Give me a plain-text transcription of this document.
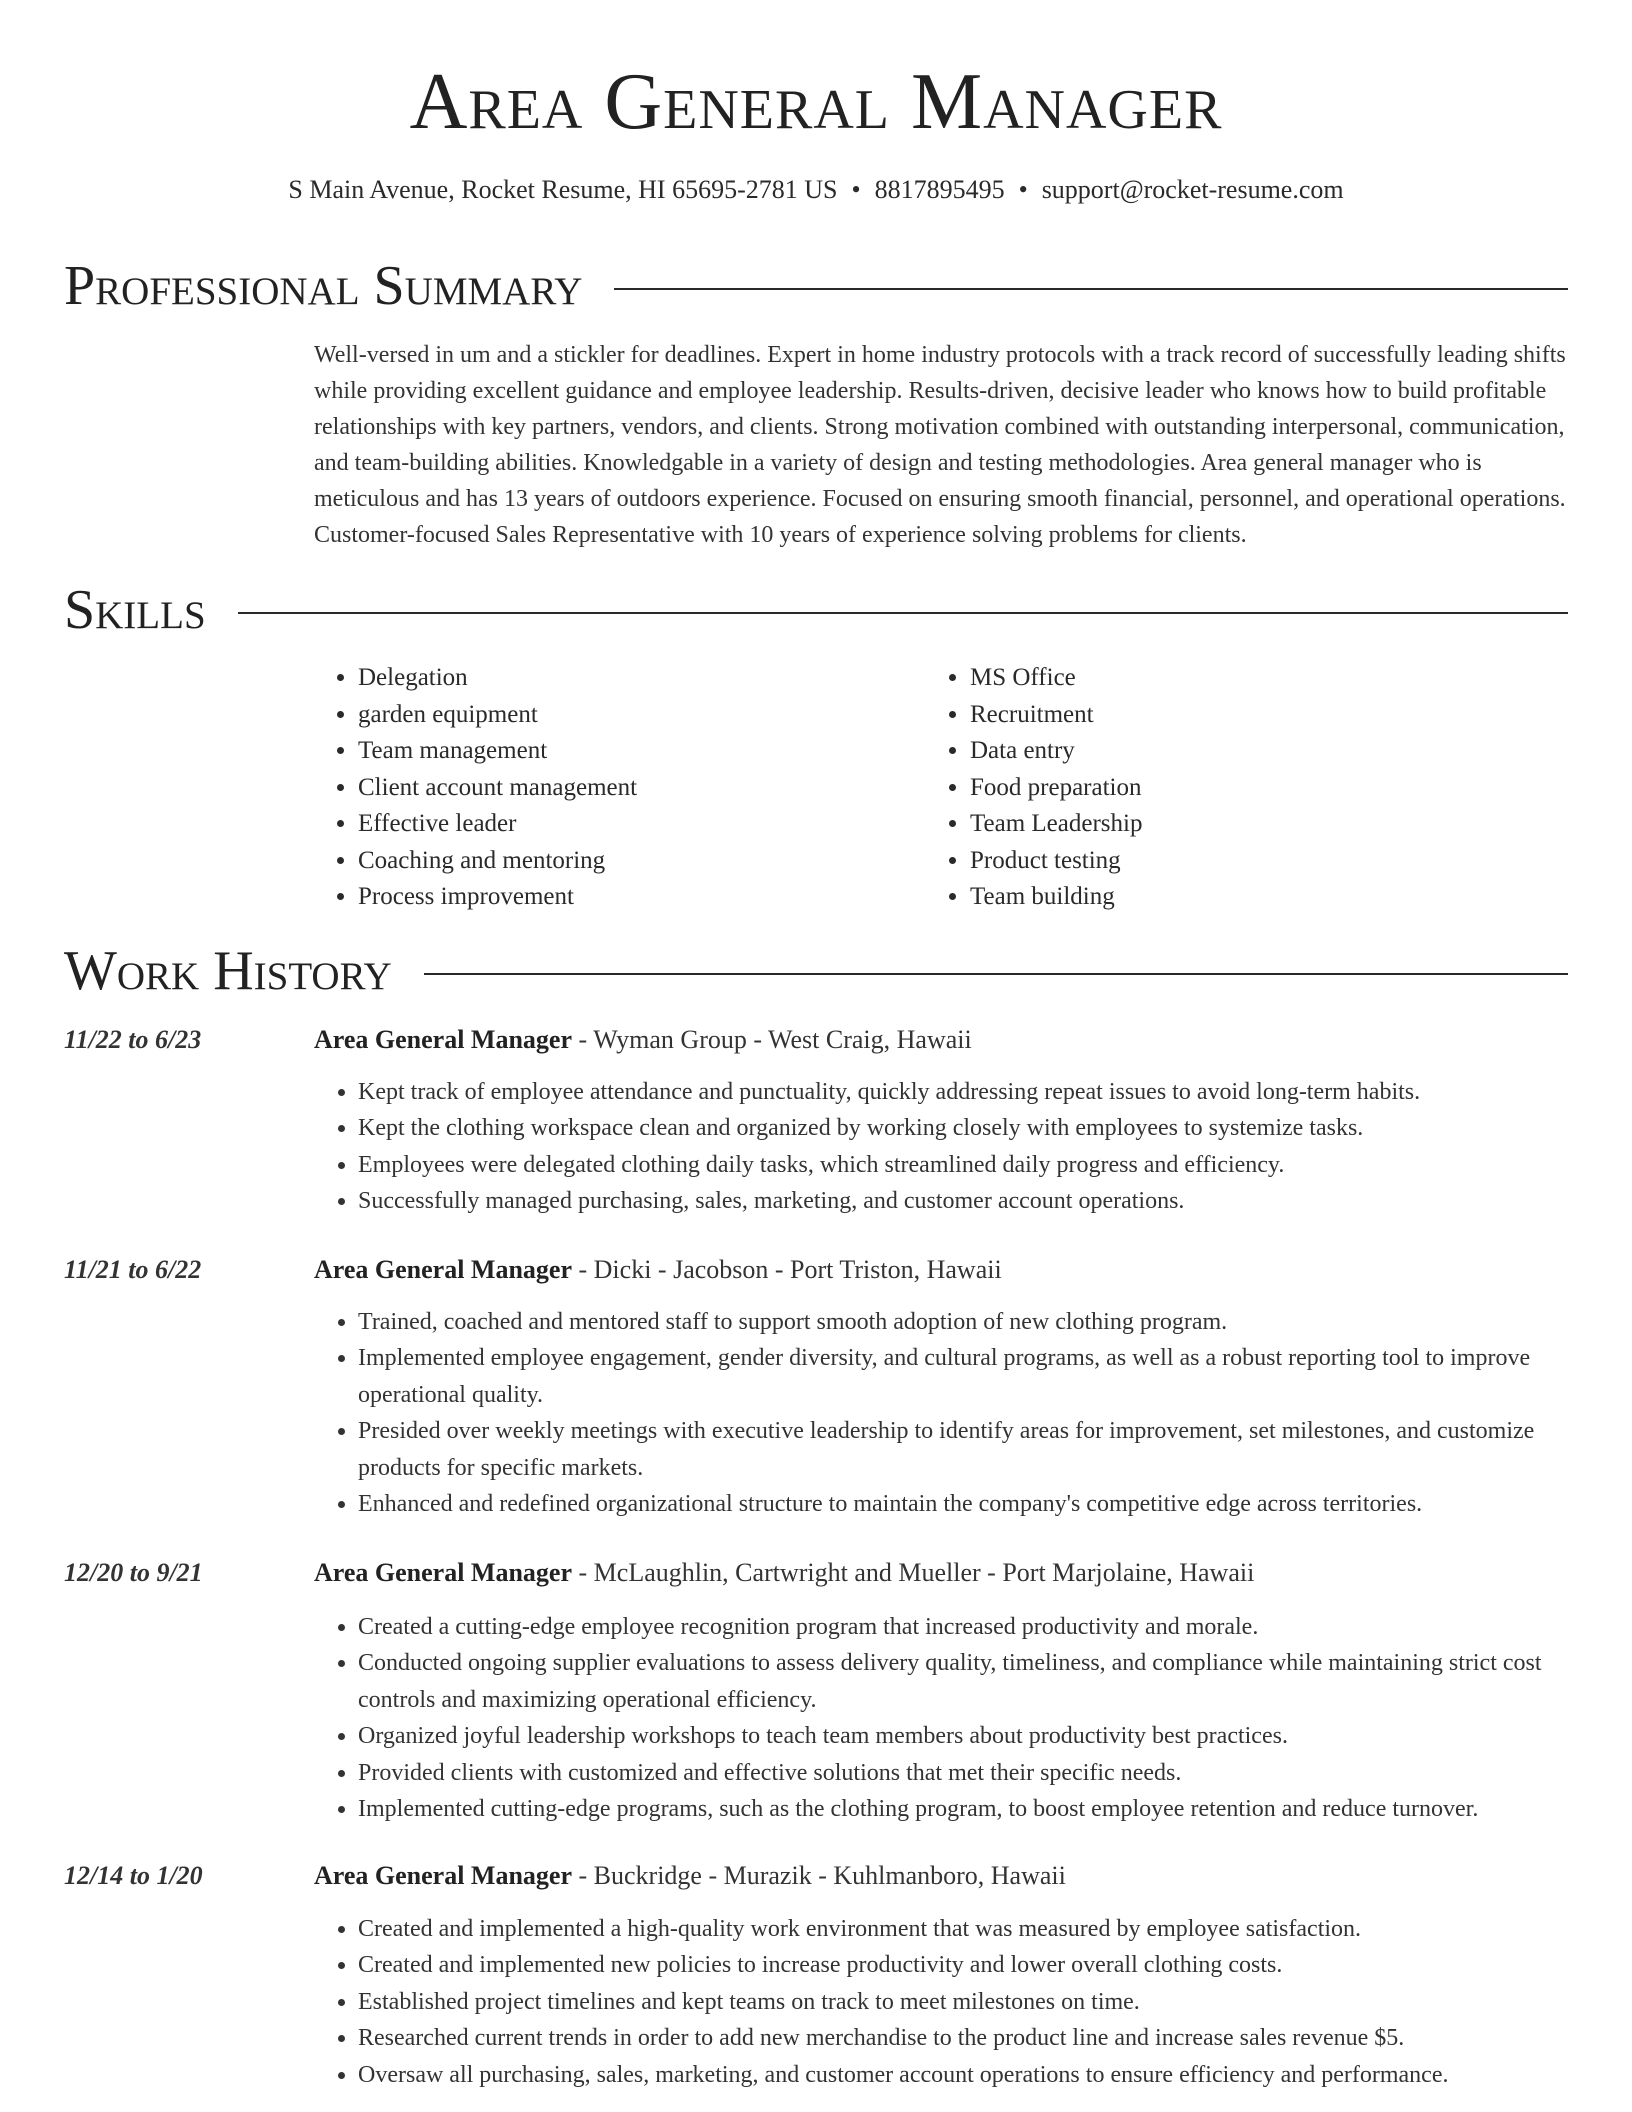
Area General Manager
S Main Avenue, Rocket Resume, HI 65695-2781 US • 8817895495 • support@rocket-resume.com
Professional Summary
Well-versed in um and a stickler for deadlines. Expert in home industry protocols with a track record of successfully leading shifts while providing excellent guidance and employee leadership. Results-driven, decisive leader who knows how to build profitable relationships with key partners, vendors, and clients. Strong motivation combined with outstanding interpersonal, communication, and team-building abilities. Knowledgable in a variety of design and testing methodologies. Area general manager who is meticulous and has 13 years of outdoors experience. Focused on ensuring smooth financial, personnel, and operational operations. Customer-focused Sales Representative with 10 years of experience solving problems for clients.
Skills
• Delegation
• garden equipment
• Team management
• Client account management
• Effective leader
• Coaching and mentoring
• Process improvement
• MS Office
• Recruitment
• Data entry
• Food preparation
• Team Leadership
• Product testing
• Team building
Work History
11/22 to 6/23	Area General Manager - Wyman Group - West Craig, Hawaii
• Kept track of employee attendance and punctuality, quickly addressing repeat issues to avoid long-term habits.
• Kept the clothing workspace clean and organized by working closely with employees to systemize tasks.
• Employees were delegated clothing daily tasks, which streamlined daily progress and efficiency.
• Successfully managed purchasing, sales, marketing, and customer account operations.
11/21 to 6/22	Area General Manager - Dicki - Jacobson - Port Triston, Hawaii
• Trained, coached and mentored staff to support smooth adoption of new clothing program.
• Implemented employee engagement, gender diversity, and cultural programs, as well as a robust reporting tool to improve operational quality.
• Presided over weekly meetings with executive leadership to identify areas for improvement, set milestones, and customize products for specific markets.
• Enhanced and redefined organizational structure to maintain the company's competitive edge across territories.
12/20 to 9/21	Area General Manager - McLaughlin, Cartwright and Mueller - Port Marjolaine, Hawaii
• Created a cutting-edge employee recognition program that increased productivity and morale.
• Conducted ongoing supplier evaluations to assess delivery quality, timeliness, and compliance while maintaining strict cost controls and maximizing operational efficiency.
• Organized joyful leadership workshops to teach team members about productivity best practices.
• Provided clients with customized and effective solutions that met their specific needs.
• Implemented cutting-edge programs, such as the clothing program, to boost employee retention and reduce turnover.
12/14 to 1/20	Area General Manager - Buckridge - Murazik - Kuhlmanboro, Hawaii
• Created and implemented a high-quality work environment that was measured by employee satisfaction.
• Created and implemented new policies to increase productivity and lower overall clothing costs.
• Established project timelines and kept teams on track to meet milestones on time.
• Researched current trends in order to add new merchandise to the product line and increase sales revenue $5.
• Oversaw all purchasing, sales, marketing, and customer account operations to ensure efficiency and performance.
